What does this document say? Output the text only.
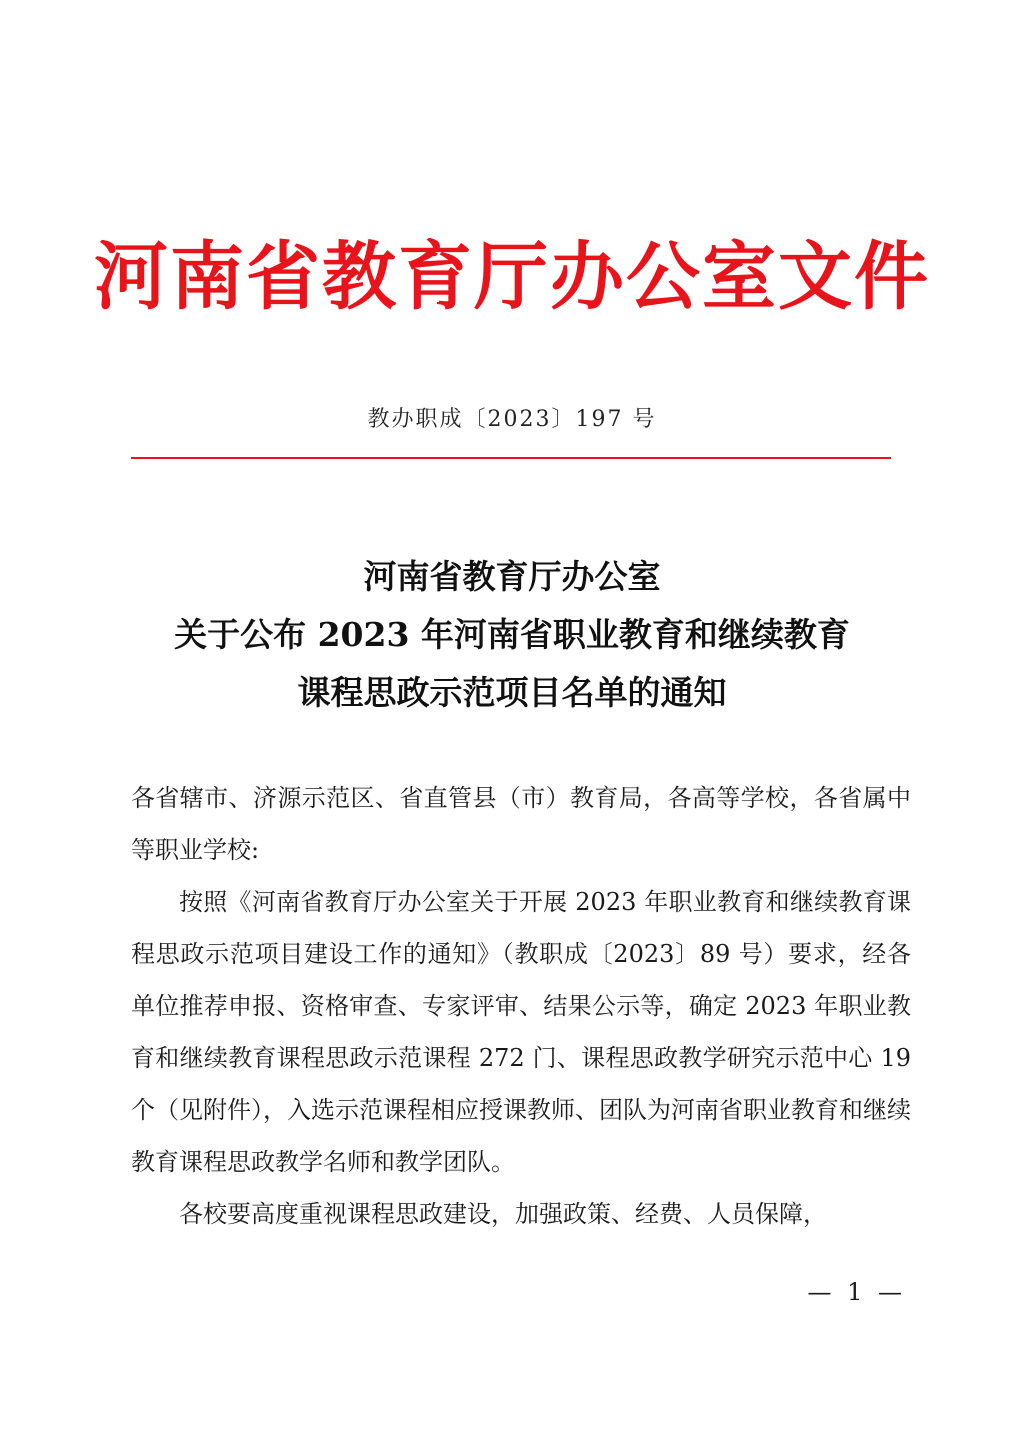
河南省教育厅办公室文件
教办职成〔2023〕197 号
河南省教育厅办公室
关于公布 2023 年河南省职业教育和继续教育
课程思政示范项目名单的通知

各省辖市、济源示范区、省直管县（市）教育局，各高等学校，各省属中等职业学校:

按照《河南省教育厅办公室关于开展 2023 年职业教育和继续教育课程思政示范项目建设工作的通知》（教职成〔2023〕89 号）要求，经各单位推荐申报、资格审查、专家评审、结果公示等，确定 2023 年职业教育和继续教育课程思政示范课程 272 门、课程思政教学研究示范中心 19 个（见附件），入选示范课程相应授课教师、团队为河南省职业教育和继续教育课程思政教学名师和教学团队。

各校要高度重视课程思政建设，加强政策、经费、人员保障，

— 1 —
